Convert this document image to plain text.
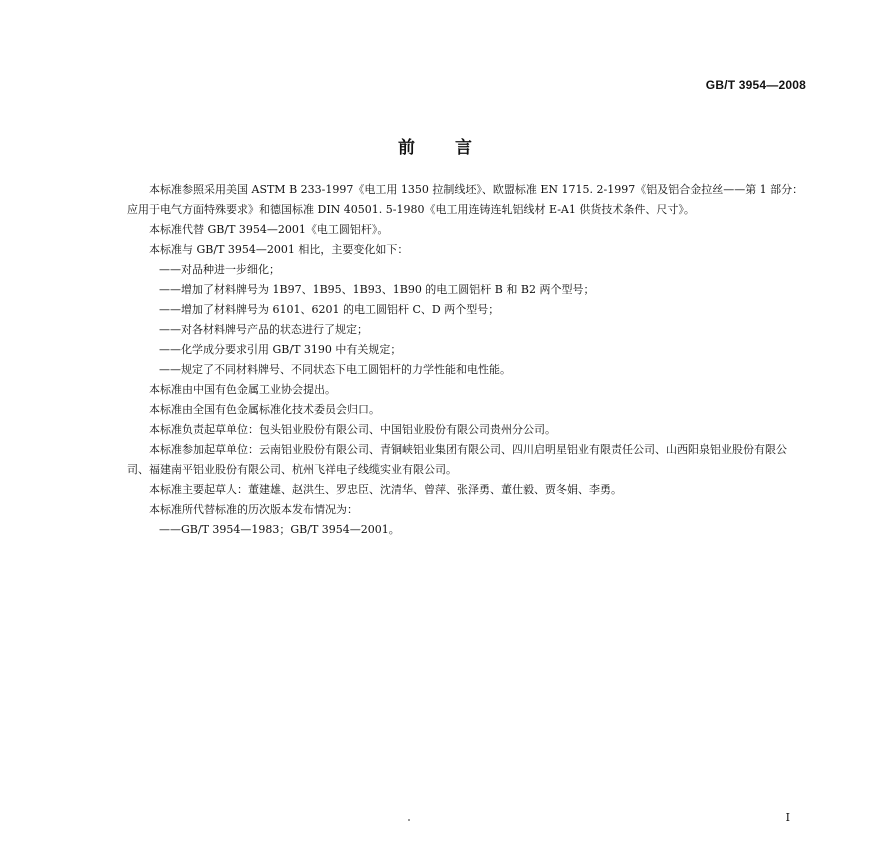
GB/T 3954—2008
前言

本标准参照采用美国 ASTM B 233-1997《电工用 1350 拉制线坯》、欧盟标准 EN 1715. 2-1997《铝及铝合金拉丝——第 1 部分：应用于电气方面特殊要求》和德国标准 DIN 40501. 5-1980《电工用连铸连轧铝线材 E-A1 供货技术条件、尺寸》。

本标准代替 GB/T 3954—2001《电工圆铝杆》。

本标准与 GB/T 3954—2001 相比，主要变化如下：

——对品种进一步细化；

——增加了材料牌号为 1B97、1B95、1B93、1B90 的电工圆铝杆 B 和 B2 两个型号；

——增加了材料牌号为 6101、6201 的电工圆铝杆 C、D 两个型号；

——对各材料牌号产品的状态进行了规定；

——化学成分要求引用 GB/T 3190 中有关规定；

——规定了不同材料牌号、不同状态下电工圆铝杆的力学性能和电性能。

本标准由中国有色金属工业协会提出。

本标准由全国有色金属标准化技术委员会归口。

本标准负责起草单位：包头铝业股份有限公司、中国铝业股份有限公司贵州分公司。

本标准参加起草单位：云南铝业股份有限公司、青铜峡铝业集团有限公司、四川启明星铝业有限责任公司、山西阳泉铝业股份有限公司、福建南平铝业股份有限公司、杭州飞祥电子线缆实业有限公司。

本标准主要起草人：董建雄、赵洪生、罗忠臣、沈清华、曾萍、张泽勇、董仕毅、贾冬娟、李勇。

本标准所代替标准的历次版本发布情况为：

——GB/T 3954—1983；GB/T 3954—2001。

I
